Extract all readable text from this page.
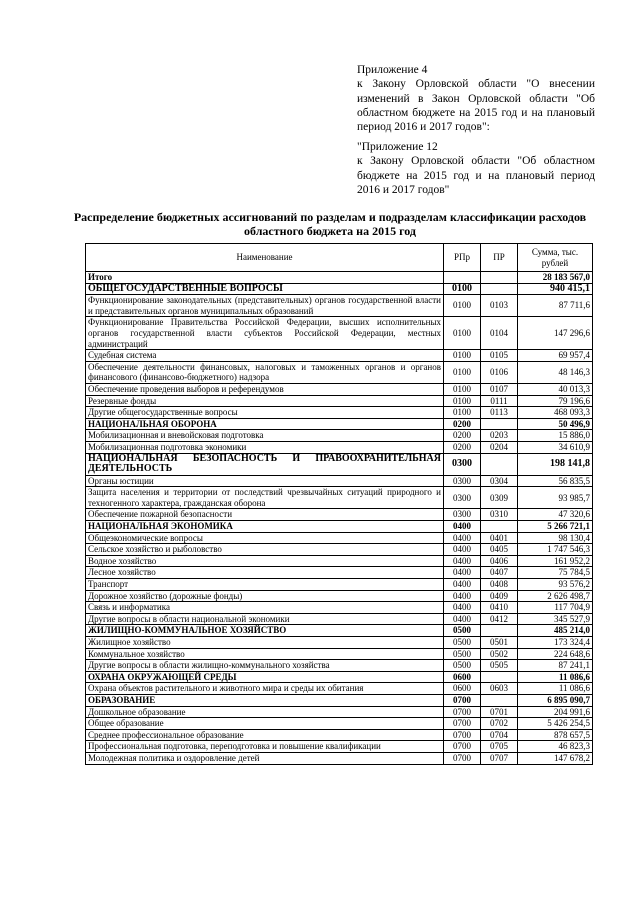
Приложение 4
к Закону Орловской области "О внесении изменений в Закон Орловской области "Об областном бюджете на 2015 год и на плановый период 2016 и 2017 годов":
"Приложение 12
к Закону Орловской области "Об областном бюджете на 2015 год и на плановый период 2016 и 2017 годов"
Распределение бюджетных ассигнований по разделам и подразделам классификации расходов областного бюджета на 2015 год
Наименование	РПр	ПР	Сумма, тыс. рублей
Итого			28 183 567,0
ОБЩЕГОСУДАРСТВЕННЫЕ ВОПРОСЫ	0100		940 415,1
Функционирование законодательных (представительных) органов государственной власти и представительных органов муниципальных образований	0100	0103	87 711,6
Функционирование Правительства Российской Федерации, высших исполнительных органов государственной власти субъектов Российской Федерации, местных администраций	0100	0104	147 296,6
Судебная система	0100	0105	69 957,4
Обеспечение деятельности финансовых, налоговых и таможенных органов и органов финансового (финансово-бюджетного) надзора	0100	0106	48 146,3
Обеспечение проведения выборов и референдумов	0100	0107	40 013,3
Резервные фонды	0100	0111	79 196,6
Другие общегосударственные вопросы	0100	0113	468 093,3
НАЦИОНАЛЬНАЯ ОБОРОНА	0200		50 496,9
Мобилизационная и вневойсковая подготовка	0200	0203	15 886,0
Мобилизационная подготовка экономики	0200	0204	34 610,9
НАЦИОНАЛЬНАЯ БЕЗОПАСНОСТЬ И ПРАВООХРАНИТЕЛЬНАЯ ДЕЯТЕЛЬНОСТЬ	0300		198 141,8
Органы юстиции	0300	0304	56 835,5
Защита населения и территории от последствий чрезвычайных ситуаций природного и техногенного характера, гражданская оборона	0300	0309	93 985,7
Обеспечение пожарной безопасности	0300	0310	47 320,6
НАЦИОНАЛЬНАЯ ЭКОНОМИКА	0400		5 266 721,1
Общеэкономические вопросы	0400	0401	98 130,4
Сельское хозяйство и рыболовство	0400	0405	1 747 546,3
Водное хозяйство	0400	0406	161 952,2
Лесное хозяйство	0400	0407	75 784,5
Транспорт	0400	0408	93 576,2
Дорожное хозяйство (дорожные фонды)	0400	0409	2 626 498,7
Связь и информатика	0400	0410	117 704,9
Другие вопросы в области национальной экономики	0400	0412	345 527,9
ЖИЛИЩНО-КОММУНАЛЬНОЕ ХОЗЯЙСТВО	0500		485 214,0
Жилищное хозяйство	0500	0501	173 324,4
Коммунальное хозяйство	0500	0502	224 648,6
Другие вопросы в области жилищно-коммунального хозяйства	0500	0505	87 241,1
ОХРАНА ОКРУЖАЮЩЕЙ СРЕДЫ	0600		11 086,6
Охрана объектов растительного и животного мира и среды их обитания	0600	0603	11 086,6
ОБРАЗОВАНИЕ	0700		6 895 090,7
Дошкольное образование	0700	0701	204 991,6
Общее образование	0700	0702	5 426 254,5
Среднее профессиональное образование	0700	0704	878 657,5
Профессиональная подготовка, переподготовка и повышение квалификации	0700	0705	46 823,3
Молодежная политика и оздоровление детей	0700	0707	147 678,2
